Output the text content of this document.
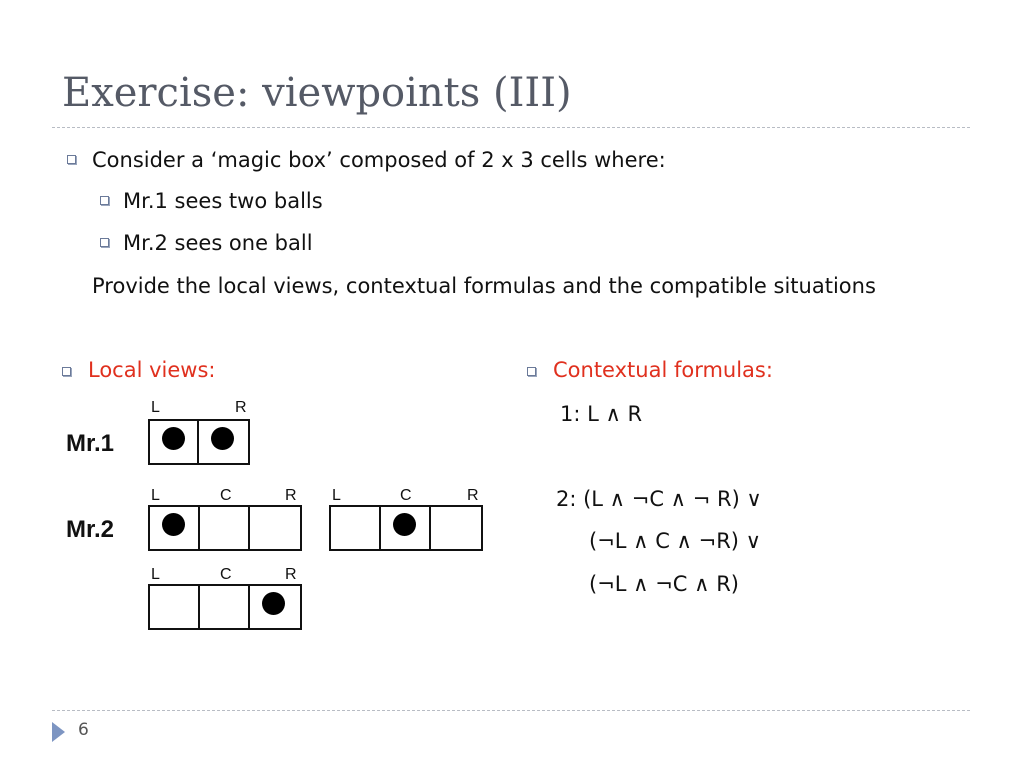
Exercise: viewpoints (III)
Consider a ‘magic box’ composed of 2 x 3 cells where:
Mr.1 sees two balls
Mr.2 sees one ball
Provide the local views, contextual formulas and the compatible situations
Local views:
L	R
Mr.1
Mr.2
L	C	R L	C	R
L	C	R
Contextual formulas:
1: L ∧ R
2: (L ∧ ¬C ∧ ¬ R) ∨
(¬L ∧ C ∧ ¬R) ∨
(¬L ∧ ¬C ∧ R)
6
